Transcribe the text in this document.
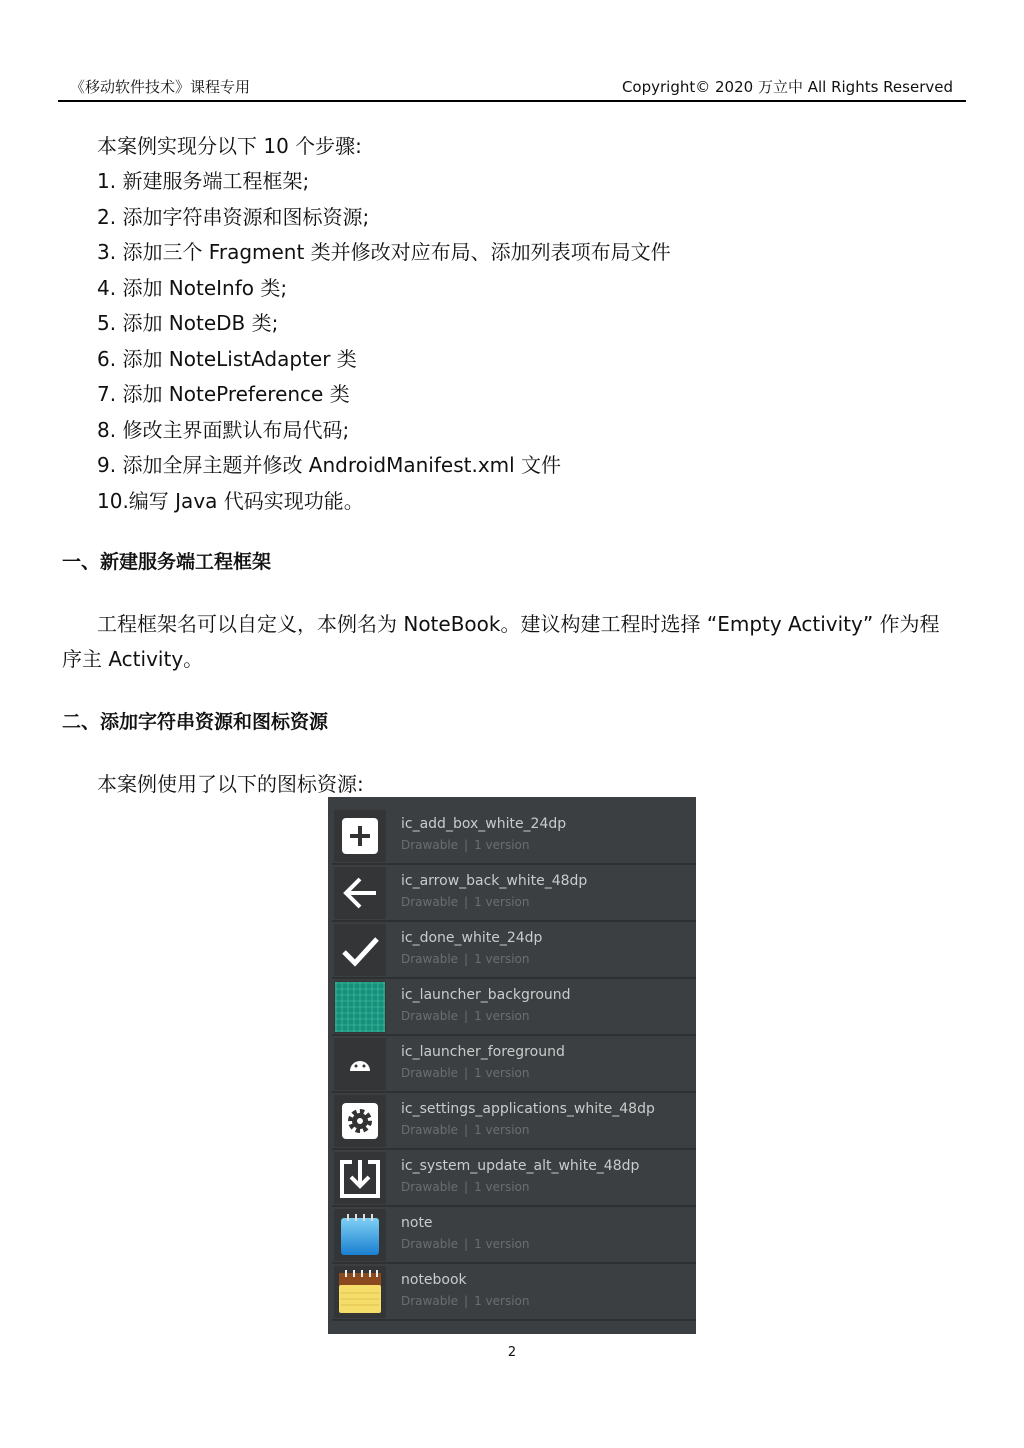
《移动软件技术》课程专用	Copyright© 2020 万立中 All Rights Reserved
本案例实现分以下 10 个步骤:
1. 新建服务端工程框架;
2. 添加字符串资源和图标资源;
3. 添加三个 Fragment 类并修改对应布局、添加列表项布局文件
4. 添加 NoteInfo 类;
5. 添加 NoteDB 类;
6. 添加 NoteListAdapter 类
7. 添加 NotePreference 类
8. 修改主界面默认布局代码;
9. 添加全屏主题并修改 AndroidManifest.xml 文件
10.编写 Java 代码实现功能。
一、新建服务端工程框架
工程框架名可以自定义，本例名为 NoteBook。建议构建工程时选择 “Empty Activity” 作为程
序主 Activity。
二、添加字符串资源和图标资源
本案例使用了以下的图标资源:
ic_add_box_white_24dp
Drawable | 1 version
ic_arrow_back_white_48dp
Drawable | 1 version
ic_done_white_24dp
Drawable | 1 version
ic_launcher_background
Drawable | 1 version
ic_launcher_foreground
Drawable | 1 version
ic_settings_applications_white_48dp
Drawable | 1 version
ic_system_update_alt_white_48dp
Drawable | 1 version
note
Drawable | 1 version
notebook
Drawable | 1 version
2
